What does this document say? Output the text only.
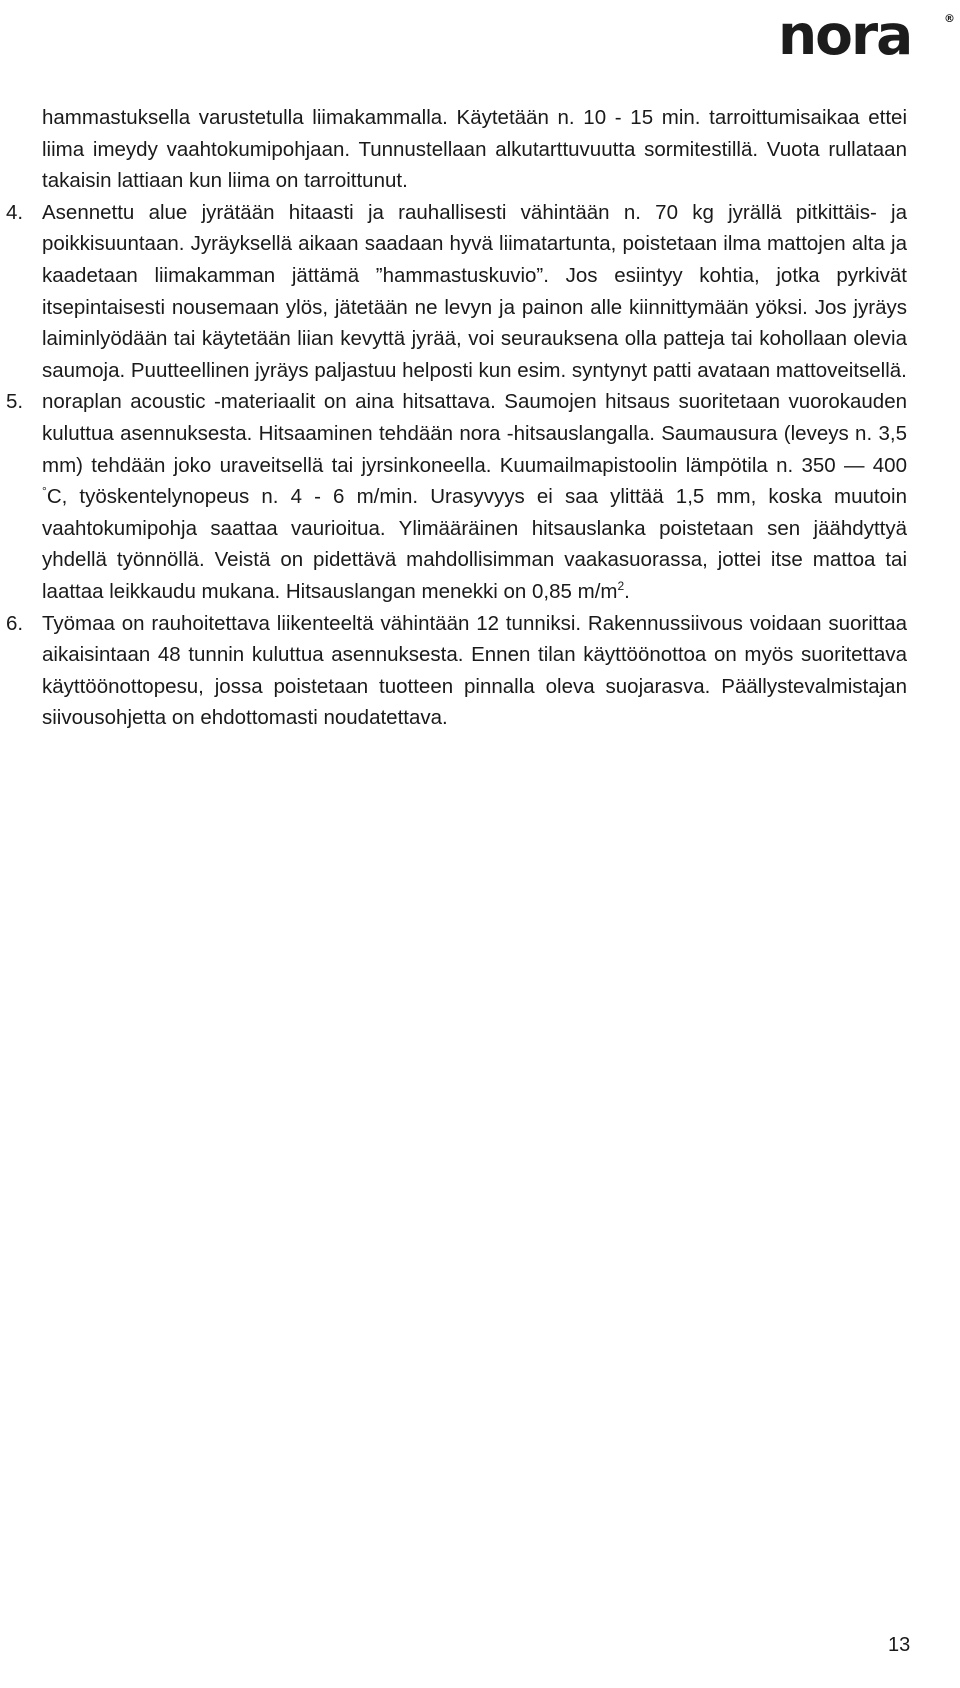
nora	®

hammastuksella varustetulla liimakammalla. Käytetään n. 10 - 15 min. tarroittumisaikaa ettei liima imeydy vaahtokumipohjaan. Tunnustellaan alkutarttuvuutta sormitestillä. Vuota rullataan takaisin lattiaan kun liima on tarroittunut.

4. Asennettu alue jyrätään hitaasti ja rauhallisesti vähintään n. 70 kg jyrällä pitkittäis- ja poikkisuuntaan. Jyräyksellä aikaan saadaan hyvä liimatartunta, poistetaan ilma mattojen alta ja kaadetaan liimakamman jättämä ”hammastuskuvio”. Jos esiintyy kohtia, jotka pyrkivät itsepintaisesti nousemaan ylös, jätetään ne levyn ja painon alle kiinnittymään yöksi. Jos jyräys laiminlyödään tai käytetään liian kevyttä jyrää, voi seurauksena olla patteja tai kohollaan olevia saumoja. Puutteellinen jyräys paljastuu helposti kun esim. syntynyt patti avataan mattoveitsellä.

5. noraplan acoustic -materiaalit on aina hitsattava. Saumojen hitsaus suoritetaan vuorokauden kuluttua asennuksesta. Hitsaaminen tehdään nora -hitsauslangalla. Saumausura (leveys n. 3,5 mm) tehdään joko uraveitsellä tai jyrsinkoneella. Kuumailmapistoolin lämpötila n. 350 — 400 °C, työskentelynopeus n. 4 - 6 m/min. Urasyvyys ei saa ylittää 1,5 mm, koska muutoin vaahtokumipohja saattaa vaurioitua. Ylimääräinen hitsauslanka poistetaan sen jäähdyttyä yhdellä työnnöllä. Veistä on pidettävä mahdollisimman vaakasuorassa, jottei itse mattoa tai laattaa leikkaudu mukana. Hitsauslangan menekki on 0,85 $m/m^2$.

6. Työmaa on rauhoitettava liikenteeltä vähintään 12 tunniksi. Rakennussiivous voidaan suorittaa aikaisintaan 48 tunnin kuluttua asennuksesta. Ennen tilan käyttöönottoa on myös suoritettava käyttöönottopesu, jossa poistetaan tuotteen pinnalla oleva suojarasva. Päällystevalmistajan siivousohjetta on ehdottomasti noudatettava.

13
